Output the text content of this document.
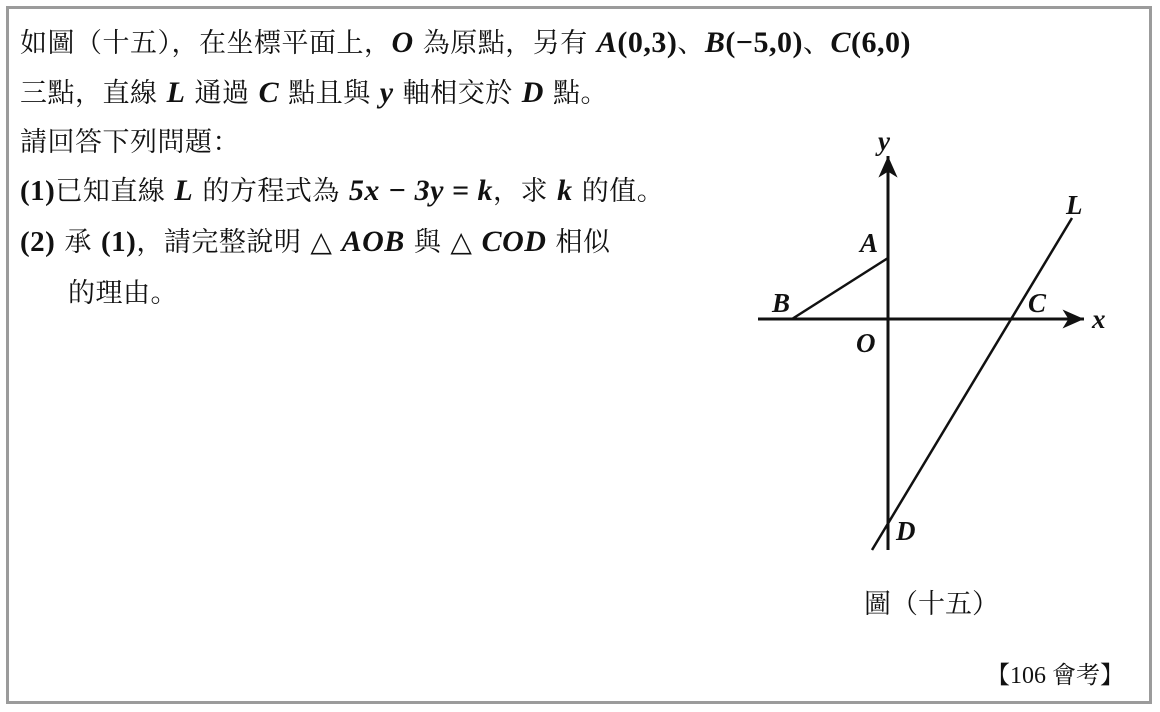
如圖（十五），在坐標平面上，O 為原點，另有 A(0,3)、B(−5,0)、C(6,0)
三點，直線 L 通過 C 點且與 y 軸相交於 D 點。
請回答下列問題：
(1)已知直線 L 的方程式為 5x − 3y = k，求 k 的值。
(2) 承 (1)，請完整說明 △ AOB 與 △ COD 相似
的理由。
y
x
A
B	C
O
L
D
圖（十五）
【106 會考】
